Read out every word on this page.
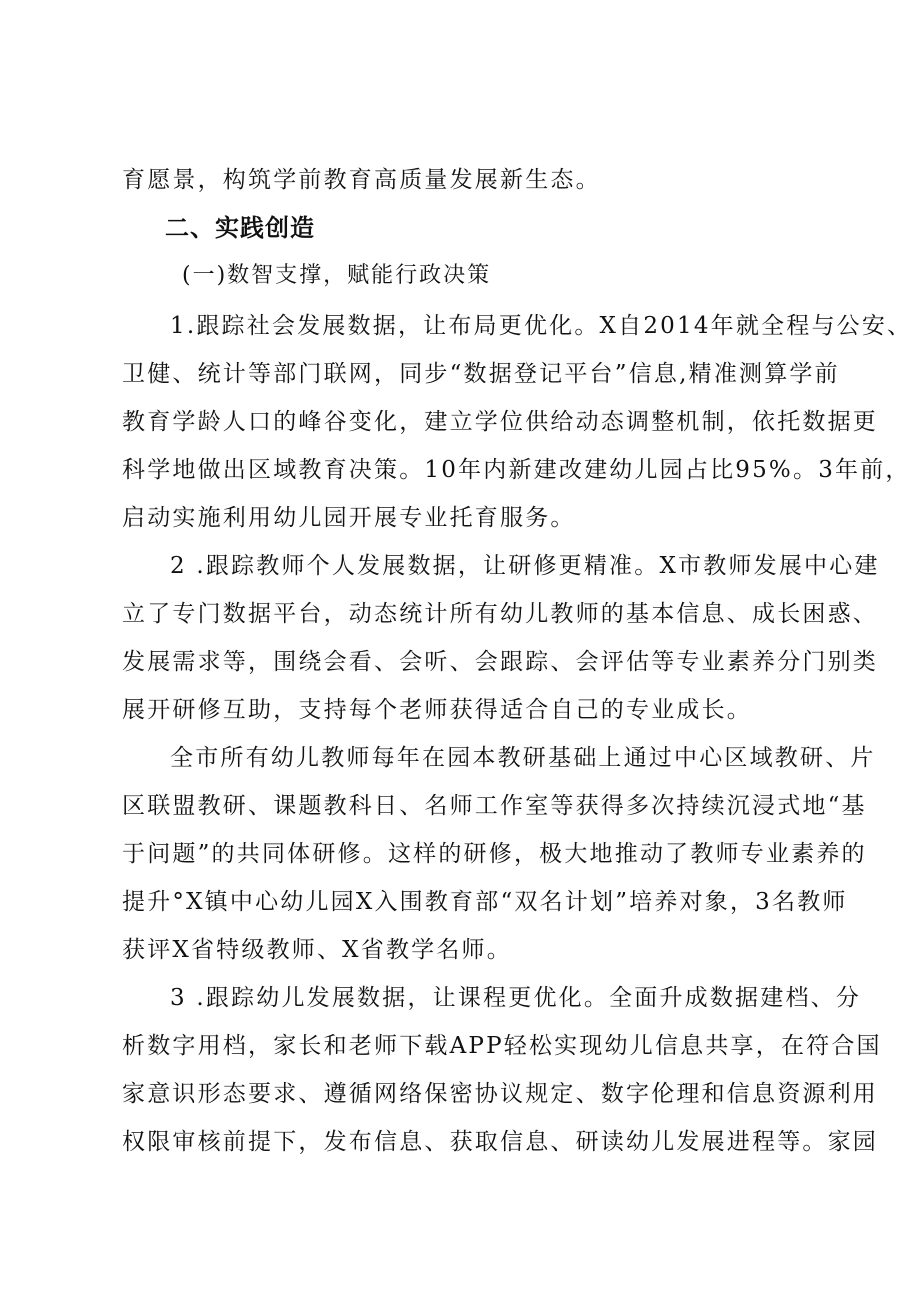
育愿景，构筑学前教育高质量发展新生态。
二、实践创造
(一)数智支撑，赋能行政决策
1.跟踪社会发展数据，让布局更优化。X自2014年就全程与公安、
卫健、统计等部门联网，同步“数据登记平台”信息,精准测算学前
教育学龄人口的峰谷变化，建立学位供给动态调整机制，依托数据更
科学地做出区域教育决策。10年内新建改建幼儿园占比95%。3年前，
启动实施利用幼儿园开展专业托育服务。
2 .跟踪教师个人发展数据，让研修更精准。X市教师发展中心建
立了专门数据平台，动态统计所有幼儿教师的基本信息、成长困惑、
发展需求等，围绕会看、会听、会跟踪、会评估等专业素养分门别类
展开研修互助，支持每个老师获得适合自己的专业成长。
全市所有幼儿教师每年在园本教研基础上通过中心区域教研、片
区联盟教研、课题教科日、名师工作室等获得多次持续沉浸式地“基
于问题”的共同体研修。这样的研修，极大地推动了教师专业素养的
提升°X镇中心幼儿园X入围教育部“双名计划”培养对象，3名教师
获评X省特级教师、X省教学名师。
3 .跟踪幼儿发展数据，让课程更优化。全面升成数据建档、分
析数字用档，家长和老师下载APP轻松实现幼儿信息共享，在符合国
家意识形态要求、遵循网络保密协议规定、数字伦理和信息资源利用
权限审核前提下，发布信息、获取信息、研读幼儿发展进程等。家园
